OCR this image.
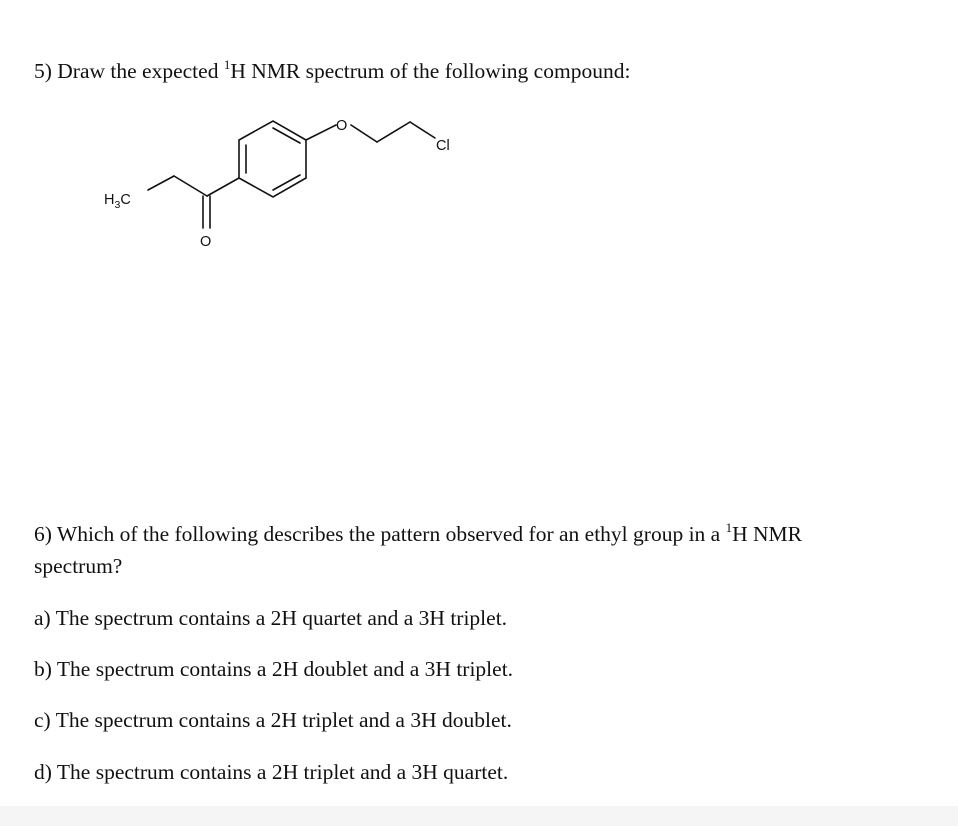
5) Draw the expected $^1$H NMR spectrum of the following compound:

$H_3C$
O
O
Cl

6) Which of the following describes the pattern observed for an ethyl group in a $^1$H NMR

spectrum?

a) The spectrum contains a 2H quartet and a 3H triplet.

b) The spectrum contains a 2H doublet and a 3H triplet.

c) The spectrum contains a 2H triplet and a 3H doublet.

d) The spectrum contains a 2H triplet and a 3H quartet.
